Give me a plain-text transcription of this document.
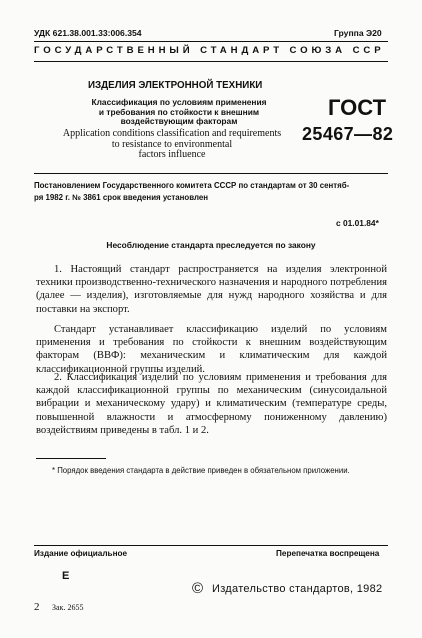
УДК 621.38.001.33:006.354	Группа Э20
ГОСУДАРСТВЕННЫЙ СТАНДАРТ СОЮЗА ССР
ИЗДЕЛИЯ ЭЛЕКТРОННОЙ ТЕХНИКИ
Классификация по условиям применения
и требования по стойкости к внешним
воздействующим факторам
Application conditions classification and requirements
to resistance to environmental
factors influence
ГОСТ
25467—82
Постановлением Государственного комитета СССР по стандартам от 30 сентяб-
ря 1982 г. № 3861 срок введения установлен
с 01.01.84*
Несоблюдение стандарта преследуется по закону

1. Настоящий стандарт распространяется на изделия электронной техники производственно-технического назначения и народного потребления (далее — изделия), изготовляемые для нужд народного хозяйства и для поставки на экспорт.

Стандарт устанавливает классификацию изделий по условиям применения и требования по стойкости к внешним воздействующим факторам (ВВФ): механическим и климатическим для каждой классификационной группы изделий.

2. Классификация изделий по условиям применения и требования для каждой классификационной группы по механическим (синусоидальной вибрации и механическому удару) и климатическим (температуре среды, повышенной влажности и атмосферному пониженному давлению) воздействиям приведены в табл. 1 и 2.

* Порядок введения стандарта в действие приведен в обязательном приложении.
Издание официальное	Перепечатка воспрещена
E
© Издательство стандартов, 1982
2 Зак. 2655
